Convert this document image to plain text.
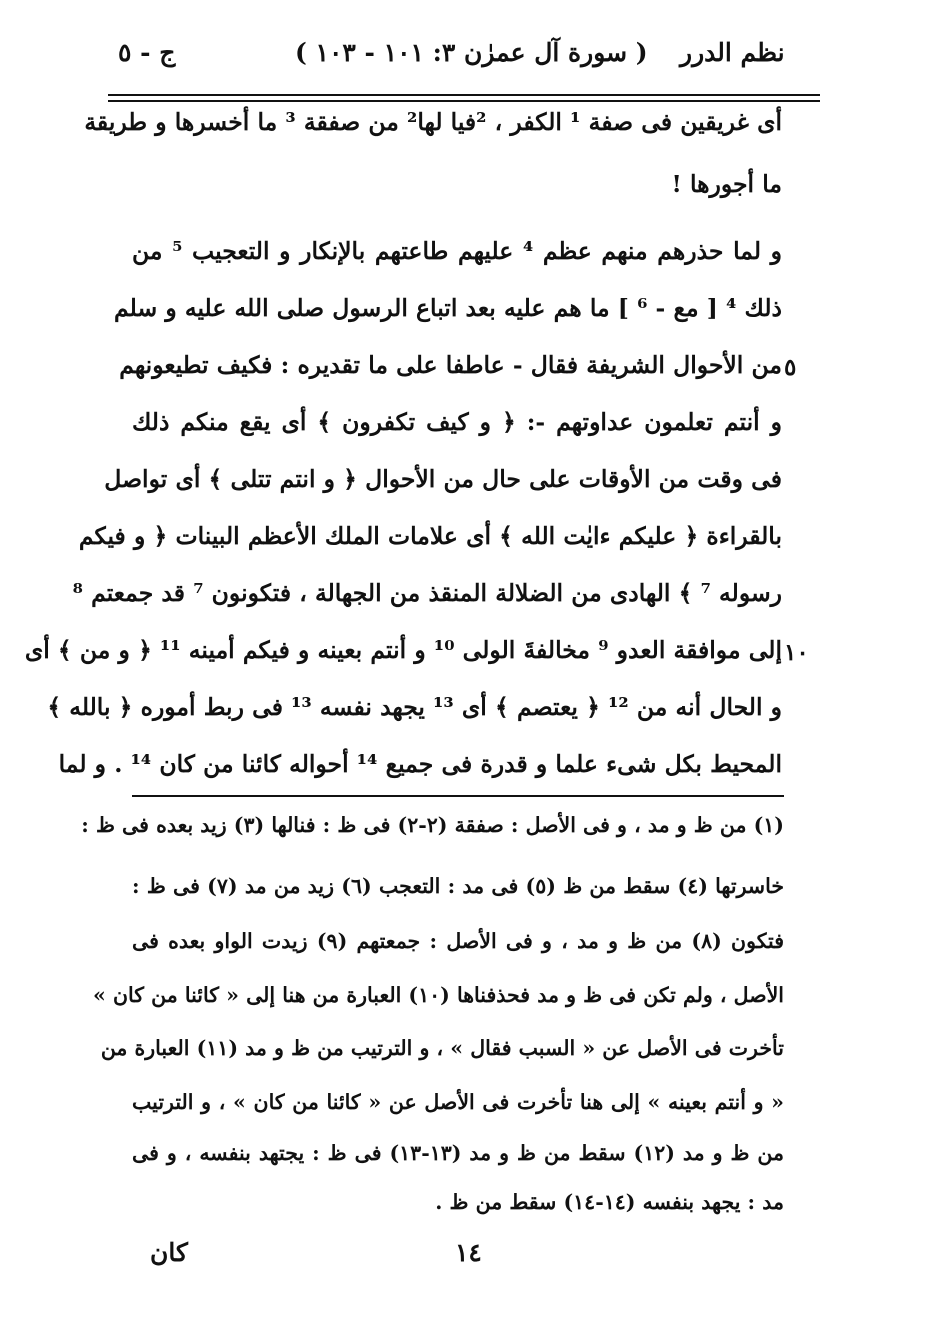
ج - ٥	( سورة آل عمرٰن ٣: ١٠١ - ١٠٣ ) نظم الدرر
أى غريقين فى صفة ¹ الكفر ، ²فيا لها² من صفقة ³ ما أخسرها و طريقة
ما أجورها !
و لما حذرهم منهم عظم ⁴ عليهم طاعتهم بالإنكار و التعجيب ⁵ من
ذلك ⁴ [ مع - ⁶ ] ما هم عليه بعد اتباع الرسول صلى الله عليه و سلم
من الأحوال الشريفة فقال - عاطفا على ما تقديره : فكيف تطيعونهم
و أنتم تعلمون عداوتهم -: ﴿ و كيف تكفرون ﴾ أى يقع منكم ذلك
فى وقت من الأوقات على حال من الأحوال ﴿ و انتم تتلى ﴾ أى تواصل
بالقراءة ﴿ عليكم ءايٰت الله ﴾ أى علامات الملك الأعظم البينات ﴿ و فيكم
رسوله ⁷ ﴾ الهادى من الضلالة المنقذ من الجهالة ، فتكونون ⁷ قد جمعتم ⁸
إلى موافقة العدو ⁹ مخالفةَ الولى ¹⁰ و أنتم بعينه و فيكم أمينه ¹¹ ﴿ و من ﴾ أى
و الحال أنه من ¹² ﴿ يعتصم ﴾ أى ¹³ يجهد نفسه ¹³ فى ربط أموره ﴿ بالله ﴾
المحيط بكل شىء علما و قدرة فى جميع ¹⁴ أحواله كائنا من كان ¹⁴ . و لما
٥
١٠
(١) من ظ و مد ، و فى الأصل : صفقة (٢-٢) فى ظ : فنالها (٣) زيد بعده فى ظ :
خاسرتها (٤) سقط من ظ (٥) فى مد : التعجب (٦) زيد من مد (٧) فى ظ :
فتكون (٨) من ظ و مد ، و فى الأصل : جمعتهم (٩) زيدت الواو بعده فى
الأصل ، ولم تكن فى ظ و مد فحذفناها (١٠) العبارة من هنا إلى « كائنا من كان »
تأخرت فى الأصل عن « السبب فقال » ، و الترتيب من ظ و مد (١١) العبارة من
« و أنتم بعينه » إلى هنا تأخرت فى الأصل عن « كائنا من كان » ، و الترتيب
من ظ و مد (١٢) سقط من ظ و مد (١٣-١٣) فى ظ : يجتهد بنفسه ، و فى
مد : يجهد بنفسه (١٤-١٤) سقط من ظ .
١٤
كان
